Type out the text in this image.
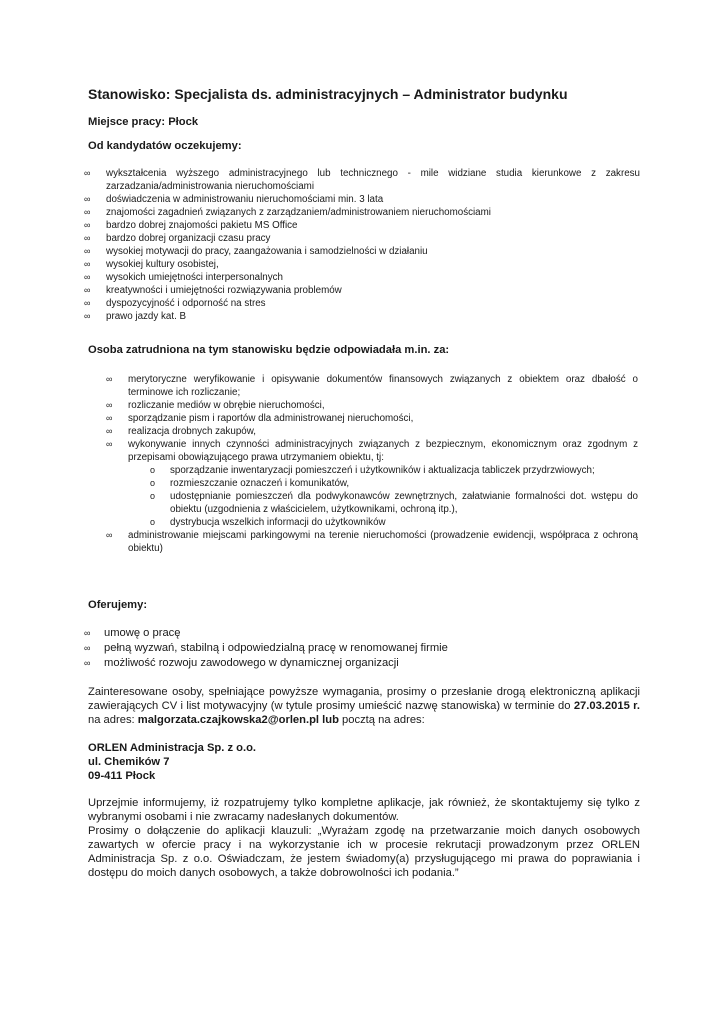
Stanowisko: Specjalista ds. administracyjnych – Administrator budynku
Miejsce pracy: Płock
Od kandydatów oczekujemy:
∞ wykształcenia wyższego administracyjnego lub technicznego - mile widziane studia kierunkowe z zakresu zarzadzania/administrowania nieruchomościami
∞ doświadczenia w administrowaniu nieruchomościami min. 3 lata
∞ znajomości zagadnień związanych z zarządzaniem/administrowaniem nieruchomościami
∞ bardzo dobrej znajomości pakietu MS Office
∞ bardzo dobrej organizacji czasu pracy
∞ wysokiej motywacji do pracy, zaangażowania i samodzielności w działaniu
∞ wysokiej kultury osobistej,
∞ wysokich umiejętności interpersonalnych
∞ kreatywności i umiejętności rozwiązywania problemów
∞ dyspozycyjność i odporność na stres
∞ prawo jazdy kat. B
Osoba zatrudniona na tym stanowisku będzie odpowiadała m.in. za:
∞ merytoryczne weryfikowanie i opisywanie dokumentów finansowych związanych z obiektem oraz dbałość o terminowe ich rozliczanie;
∞ rozliczanie mediów w obrębie nieruchomości,
∞ sporządzanie pism i raportów dla administrowanej nieruchomości,
∞ realizacja drobnych zakupów,
∞ wykonywanie innych czynności administracyjnych związanych z bezpiecznym, ekonomicznym oraz zgodnym z przepisami obowiązującego prawa utrzymaniem obiektu, tj:
o sporządzanie inwentaryzacji pomieszczeń i użytkowników i aktualizacja tabliczek przydrzwiowych;
o rozmieszczanie oznaczeń i komunikatów,
o udostępnianie pomieszczeń dla podwykonawców zewnętrznych, załatwianie formalności dot. wstępu do obiektu (uzgodnienia z właścicielem, użytkownikami, ochroną itp.),
o dystrybucja wszelkich informacji do użytkowników
∞ administrowanie miejscami parkingowymi na terenie nieruchomości (prowadzenie ewidencji, współpraca z ochroną obiektu)
Oferujemy:
∞ umowę o pracę
∞ pełną wyzwań, stabilną i odpowiedzialną pracę w renomowanej firmie
∞ możliwość rozwoju zawodowego w dynamicznej organizacji
Zainteresowane osoby, spełniające powyższe wymagania, prosimy o przesłanie drogą elektroniczną aplikacji zawierających CV i list motywacyjny (w tytule prosimy umieścić nazwę stanowiska) w terminie do 27.03.2015 r. na adres: malgorzata.czajkowska2@orlen.pl lub pocztą na adres:
ORLEN Administracja Sp. z o.o.
ul. Chemików 7
09-411 Płock
Uprzejmie informujemy, iż rozpatrujemy tylko kompletne aplikacje, jak również, że skontaktujemy się tylko z wybranymi osobami i nie zwracamy nadesłanych dokumentów.
Prosimy o dołączenie do aplikacji klauzuli: „Wyrażam zgodę na przetwarzanie moich danych osobowych zawartych w ofercie pracy i na wykorzystanie ich w procesie rekrutacji prowadzonym przez ORLEN Administracja Sp. z o.o. Oświadczam, że jestem świadomy(a) przysługującego mi prawa do poprawiania i dostępu do moich danych osobowych, a także dobrowolności ich podania.”
